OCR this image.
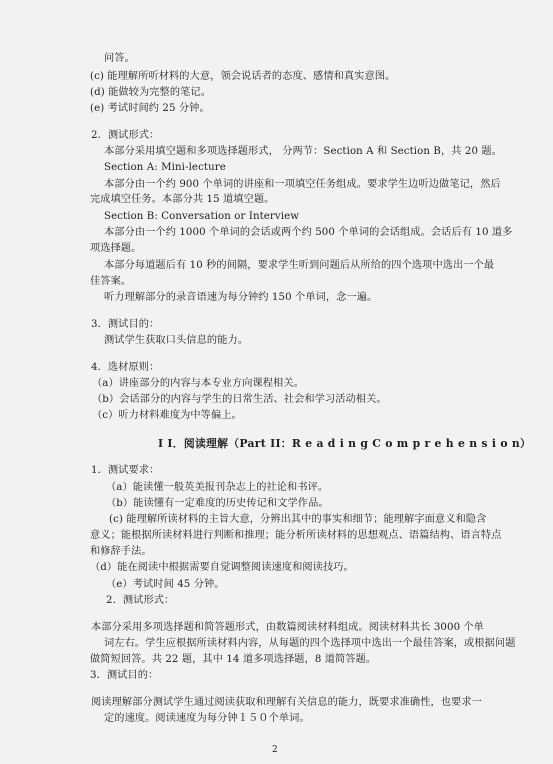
问答。

(c) 能理解所听材料的大意，领会说话者的态度、感情和真实意图。

(d) 能做较为完整的笔记。

(e) 考试时间约 25 分钟。

2．测试形式：

本部分采用填空题和多项选择题形式， 分两节：Section A 和 Section B，共 20 题。

Section A: Mini-lecture

本部分由一个约 900 个单词的讲座和一项填空任务组成。要求学生边听边做笔记，然后

完成填空任务。本部分共 15 道填空题。

Section B: Conversation or Interview

本部分由一个约 1000 个单词的会话或两个约 500 个单词的会话组成。会话后有 10 道多

项选择题。

本部分每道题后有 10 秒的间隔，要求学生听到问题后从所给的四个选项中选出一个最

佳答案。

听力理解部分的录音语速为每分钟约 150 个单词，念一遍。

3．测试目的：

测试学生获取口头信息的能力。

4．选材原则：

（a）讲座部分的内容与本专业方向课程相关。

（b）会话部分的内容与学生的日常生活、社会和学习活动相关。

（c）听力材料难度为中等偏上。

I I．阅读理解（Part II：R e a d i n g C o m p r e h e n s i o n）

1．测试要求：

（a）能读懂一般英美报刊杂志上的社论和书评。

（b）能读懂有一定难度的历史传记和文学作品。

(c) 能理解所读材料的主旨大意，分辨出其中的事实和细节；能理解字面意义和隐含

意义；能根据所读材料进行判断和推理；能分析所读材料的思想观点、语篇结构、语言特点

和修辞手法。

（d）能在阅读中根据需要自觉调整阅读速度和阅读技巧。

（e）考试时间 45 分钟。

2．测试形式：

本部分采用多项选择题和简答题形式，由数篇阅读材料组成。阅读材料共长 3000 个单

词左右。学生应根据所读材料内容，从每题的四个选择项中选出一个最佳答案，或根据问题

做简短回答。共 22 题，其中 14 道多项选择题，8 道简答题。

3．测试目的：

阅读理解部分测试学生通过阅读获取和理解有关信息的能力，既要求准确性，也要求一

定的速度。阅读速度为每分钟１５０个单词。

2
